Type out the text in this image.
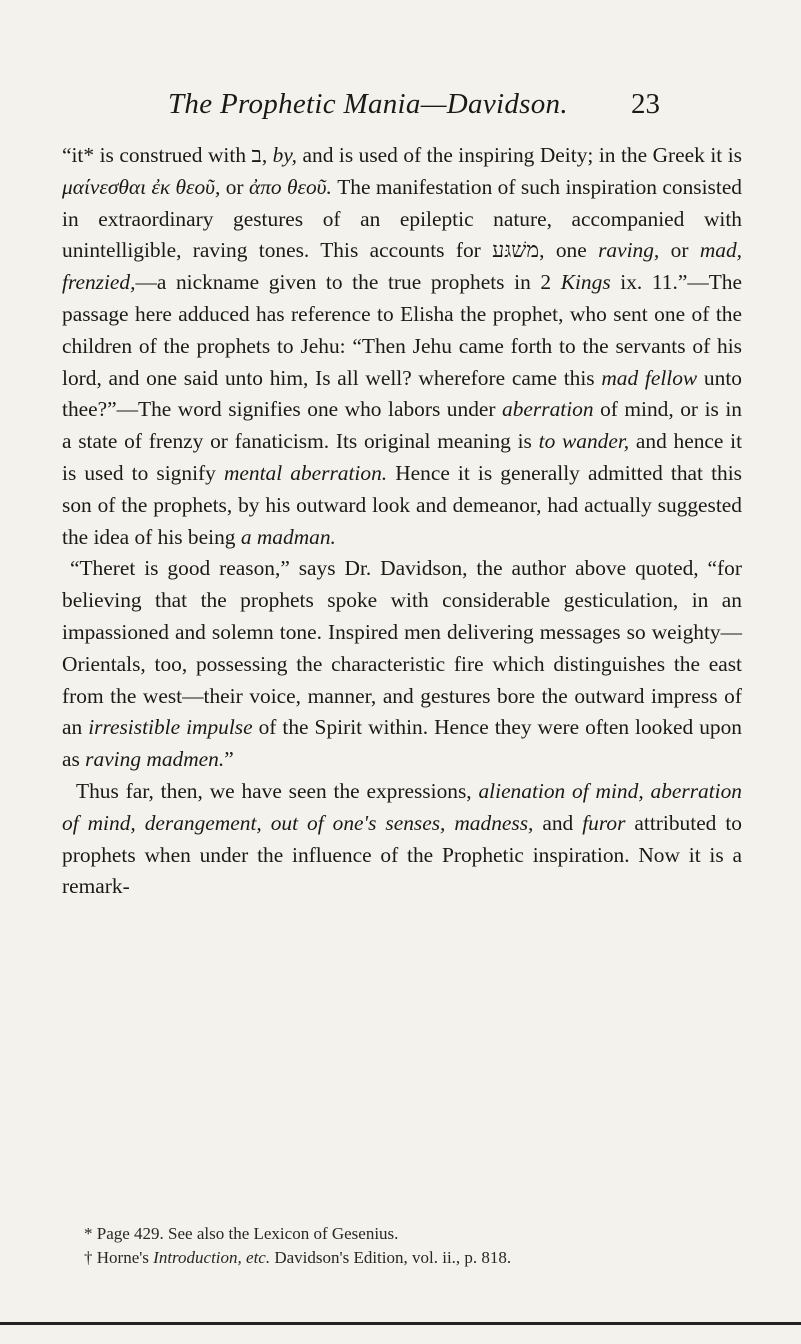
The Prophetic Mania—Davidson. 23

“it* is construed with ב, by, and is used of the inspiring Deity; in the Greek it is μαίνεσθαι ἐκ θεοῦ, or ἀπο θεοῦ. The manifestation of such inspiration consisted in extraordinary gestures of an epileptic nature, accompanied with unintelligible, raving tones. This accounts for משׁגּע, one raving, or mad, frenzied,—a nickname given to the true prophets in 2 Kings ix. 11.”—The passage here adduced has reference to Elisha the prophet, who sent one of the children of the prophets to Jehu: “Then Jehu came forth to the servants of his lord, and one said unto him, Is all well? wherefore came this mad fellow unto thee?”—The word signifies one who labors under aberration of mind, or is in a state of frenzy or fanaticism. Its original meaning is to wander, and hence it is used to signify mental aberration. Hence it is generally admitted that this son of the prophets, by his outward look and demeanor, had actually suggested the idea of his being a madman.

“Theret is good reason,” says Dr. Davidson, the author above quoted, “for believing that the prophets spoke with considerable gesticulation, in an impassioned and solemn tone. Inspired men delivering messages so weighty—Orientals, too, possessing the characteristic fire which distinguishes the east from the west—their voice, manner, and gestures bore the outward impress of an irresistible impulse of the Spirit within. Hence they were often looked upon as raving madmen.”

Thus far, then, we have seen the expressions, alienation of mind, aberration of mind, derangement, out of one's senses, madness, and furor attributed to prophets when under the influence of the Prophetic inspiration. Now it is a remark-

* Page 429. See also the Lexicon of Gesenius.

† Horne's Introduction, etc. Davidson's Edition, vol. ii., p. 818.
